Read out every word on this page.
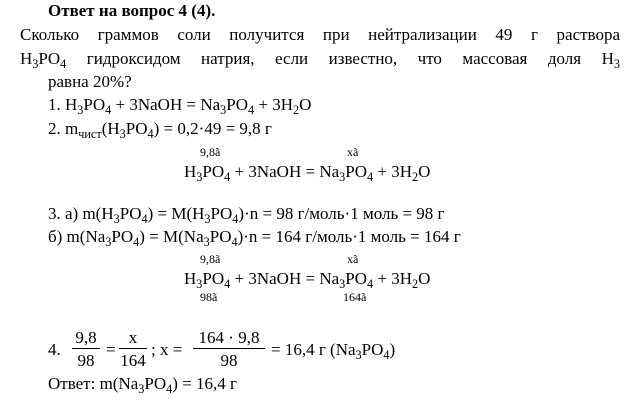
Ответ на вопрос 4 (4).
Сколько граммов соли получится при нейтрализации 49 г раствора
$H_3PO_4$ гидроксидом натрия, если известно, что массовая доля $H_3$
равна 20%?
1. $H_3PO_4$ + 3NaOH = $Na_3PO_4 + 3H_2O$
2. $m_{чист}(H_3PO_4) = 0,2\cdot 49 = 9,8$ г
9,8ã	xã
$H_3PO_4$ + 3NaOH = $Na_3PO_4 + 3H_2O$
3. а) $m(H_3PO_4) = M(H_3PO_4)\cdot n = 98$ г/моль·1 моль = 98 г
б) $m(Na_3PO_4) = M(Na_3PO_4)\cdot n = 164$ г/моль·1 моль = 164 г
9,8ã	xã
$H_3PO_4$ + 3NaOH = $Na_3PO_4 + 3H_2O$
98ã	164ã
4. $\frac{9,8}{98} = \frac{x}{164}$ ; $x = \frac{164 \cdot 9,8}{98} = 16,4$ г $(Na_3PO_4)$
Ответ: $m(Na_3PO_4) = 16,4$ г
